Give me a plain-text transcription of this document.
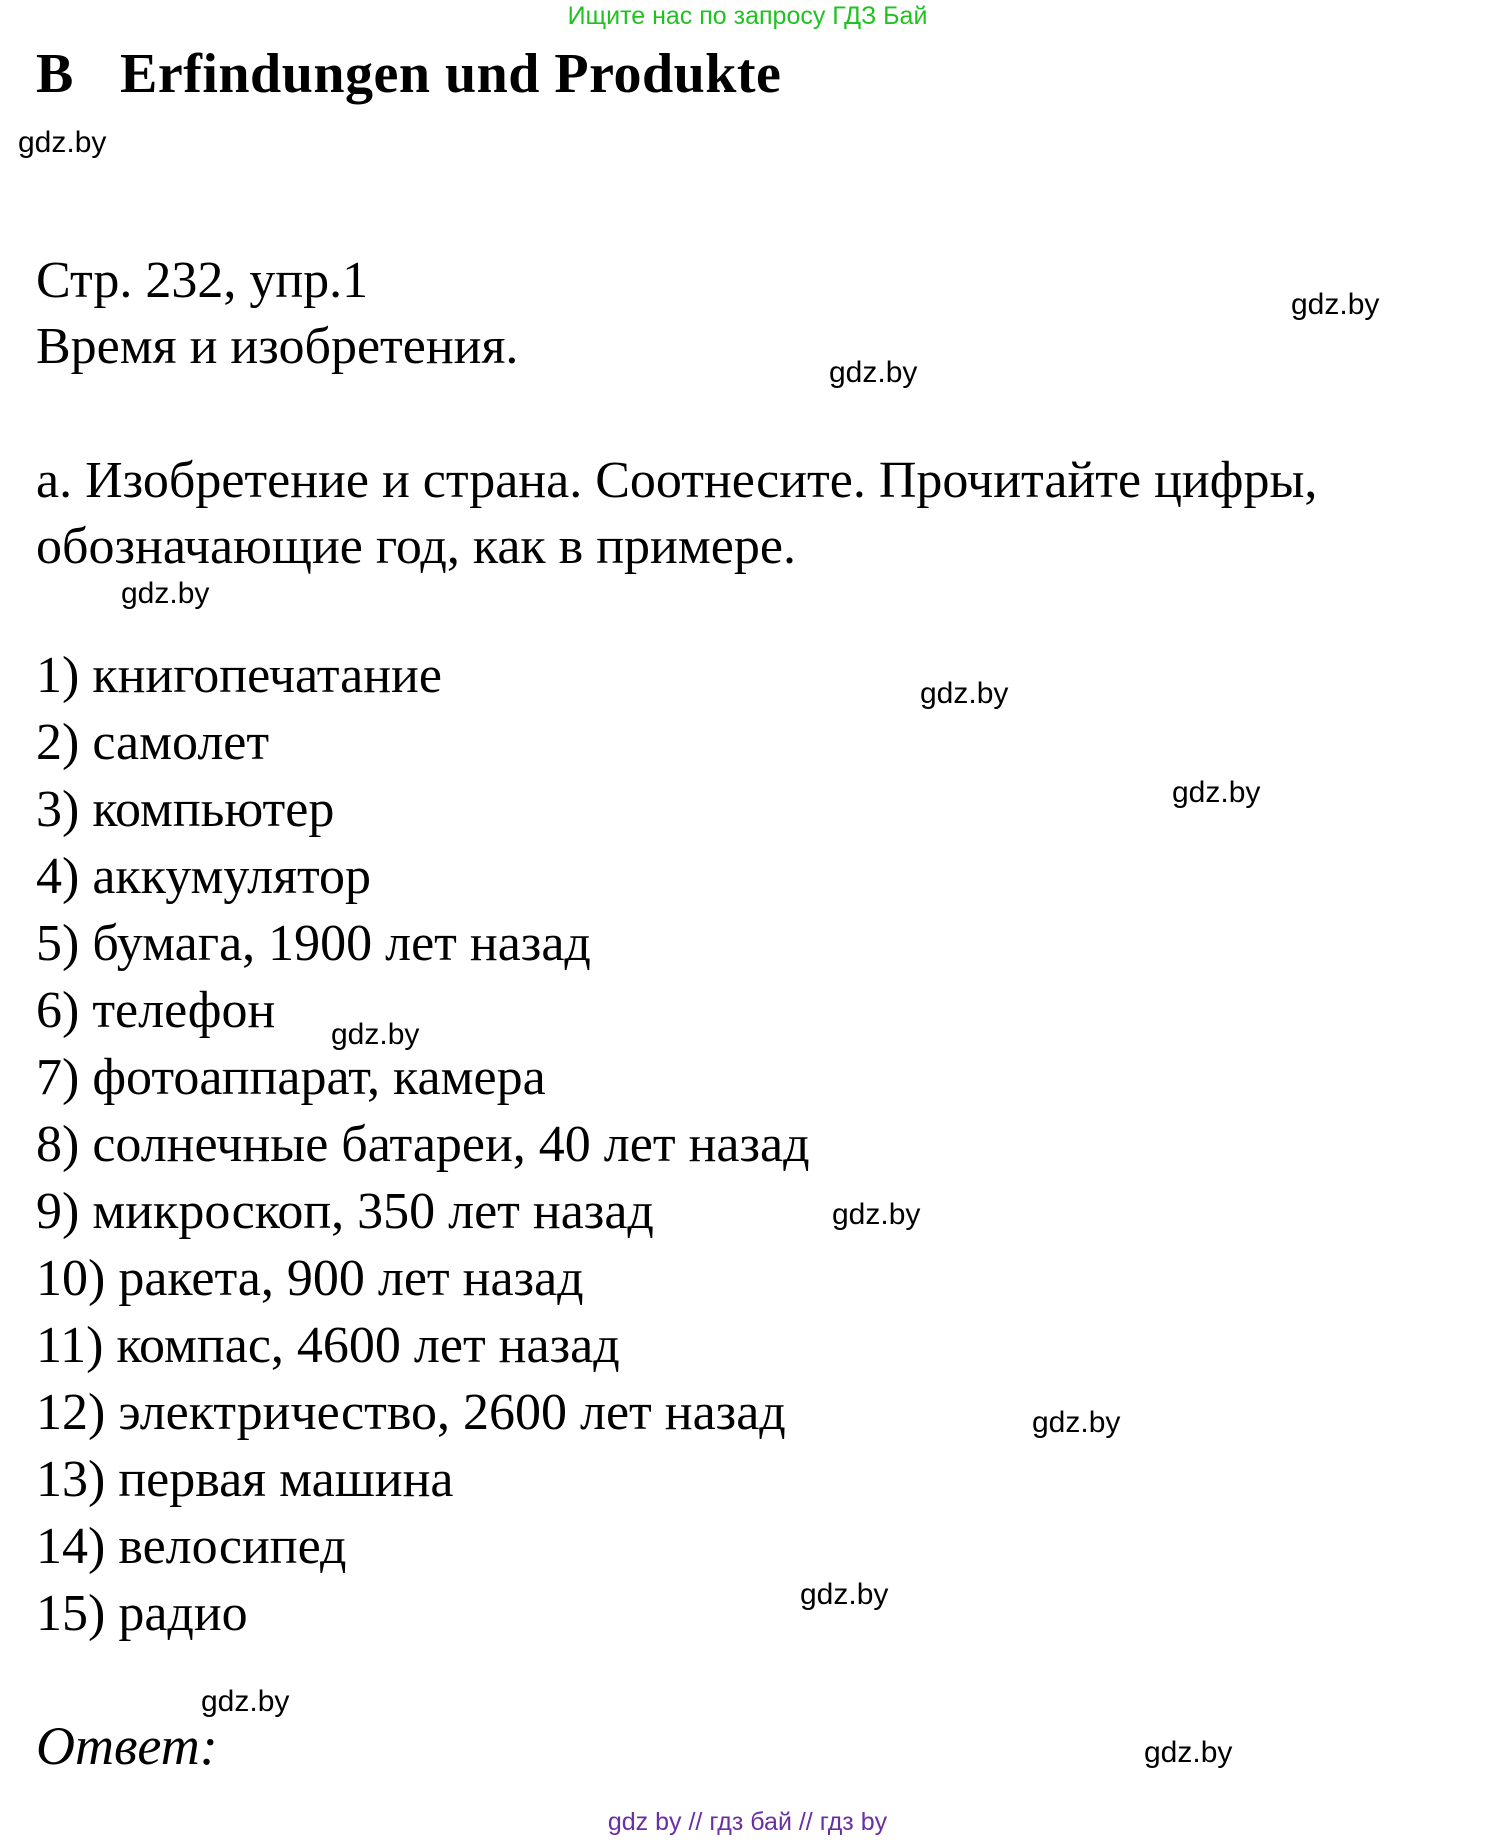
Ищите нас по запросу ГДЗ Бай
B Erfindungen und Produkte
Стр. 232, упр.1
Время и изобретения.
а. Изобретение и страна. Соотнесите. Прочитайте цифры,
обозначающие год, как в примере.
1) книгопечатание
2) самолет
3) компьютер
4) аккумулятор
5) бумага, 1900 лет назад
6) телефон
7) фотоаппарат, камера
8) солнечные батареи, 40 лет назад
9) микроскоп, 350 лет назад
10) ракета, 900 лет назад
11) компас, 4600 лет назад
12) электричество, 2600 лет назад
13) первая машина
14) велосипед
15) радио
Ответ:
gdz.by
gdz.by
gdz.by
gdz.by
gdz.by
gdz.by
gdz.by
gdz.by
gdz.by
gdz.by
gdz.by
gdz.by
gdz by // гдз бай // гдз by
